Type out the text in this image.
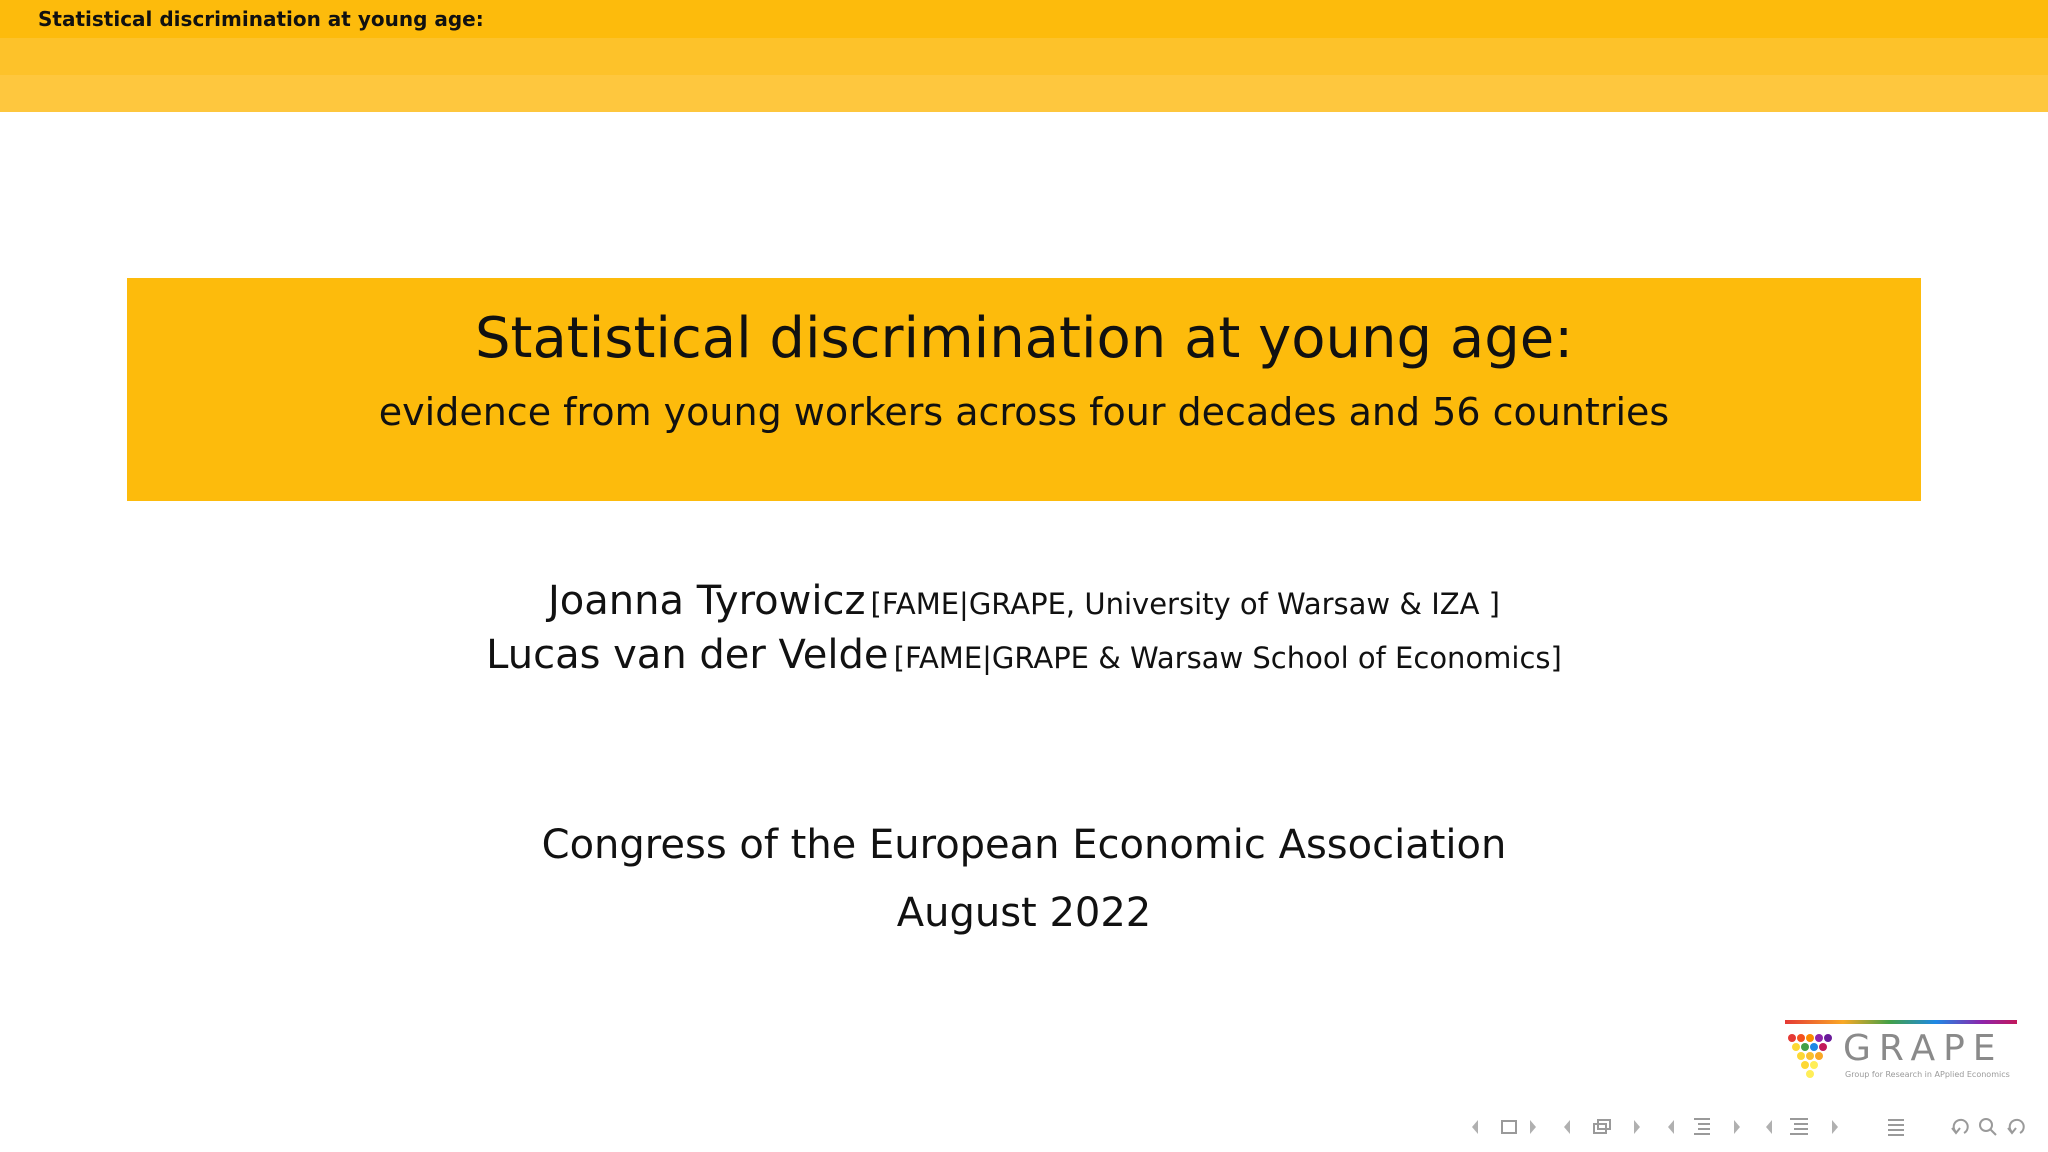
Statistical discrimination at young age:
Statistical discrimination at young age:
evidence from young workers across four decades and 56 countries
Joanna Tyrowicz [FAME|GRAPE, University of Warsaw & IZA ]
Lucas van der Velde [FAME|GRAPE & Warsaw School of Economics]
Congress of the European Economic Association
August 2022
GRAPE
Group for Research in APplied Economics
